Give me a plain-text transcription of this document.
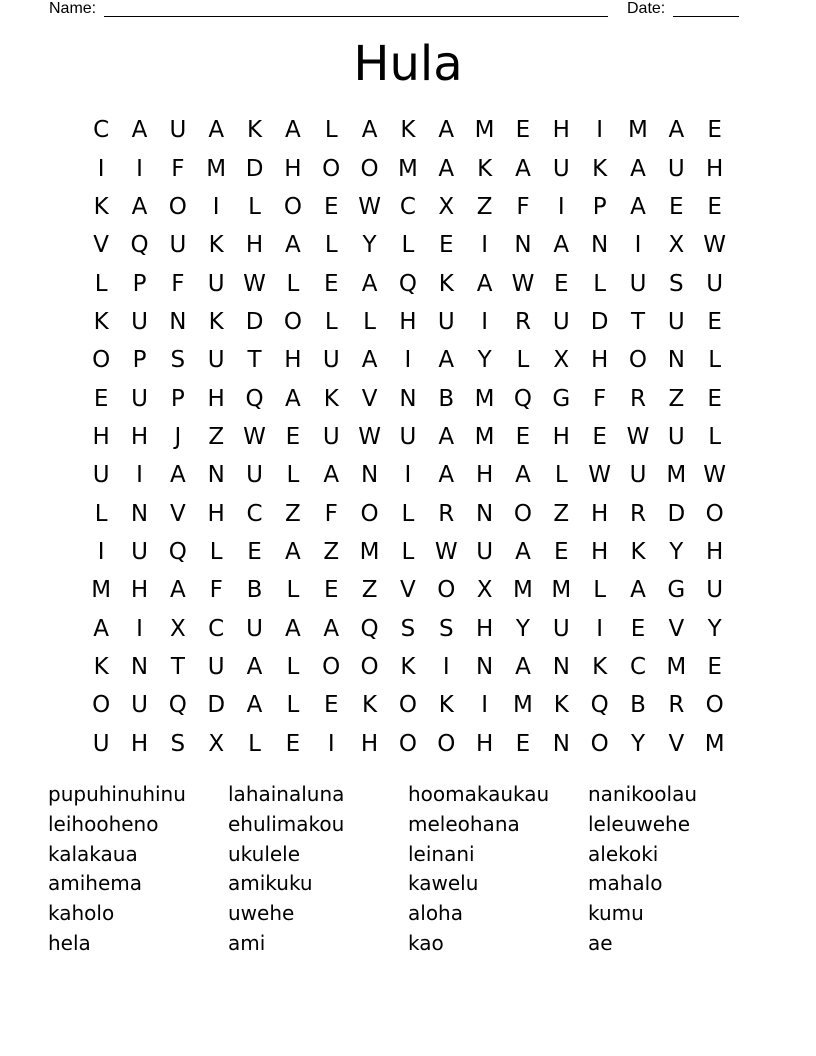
Name:	Date:
Hula
C A U A K A	L	A K A M E H	I	M A	E
I	I	F M D H O O M A K A U K A U H
K A O	I	L O E W C X Z	F	I	P	A	E	E
V Q U K H A	L	Y	L	E	I	N A N	I	X W
L	P	F	U W L	E	A Q K A W E	L	U S U
K U N K D O L	L	H U	I	R U D T U E
O P	S U T H U A	I	A	Y	L	X H O N	L
E U P H Q A K V N B M Q G F	R Z	E
H H	J	Z W E U W U A M E H E W U	L
U	I	A N U	L	A N	I	A H A	L W U M W
L	N V H C Z	F O L	R N O Z H R D O
I	U Q L	E	A Z M L W U A	E H K	Y H
M H A	F	B	L	E	Z V O X M M L	A G U
A	I	X C U A A Q S	S H Y U	I	E	V	Y
K N T U A	L O O K	I	N A N K C M E
O U Q D A	L	E	K O K	I	M K Q B R O
U H S	X	L	E	I	H O O H E N O Y	V M
pupuhinuhinu	lahainaluna	hoomakaukau	nanikoolau
leihooheno	ehulimakou	meleohana	leleuwehe
kalakaua	ukulele	leinani	alekoki
amihema	amikuku	kawelu	mahalo
kaholo	uwehe	aloha	kumu
hela	ami	kao	ae
